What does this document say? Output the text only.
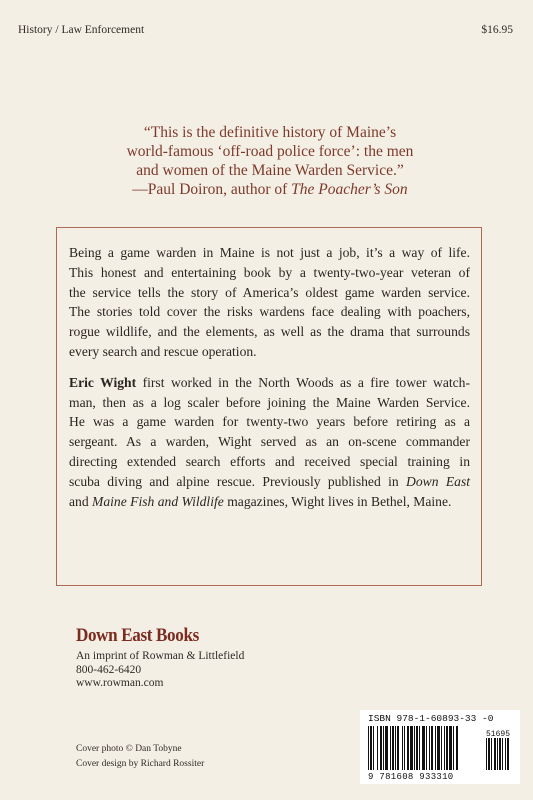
History / Law Enforcement	$16.95
“This is the definitive history of Maine’s
world-famous ‘off-road police force’: the men
and women of the Maine Warden Service.”
—Paul Doiron, author of The Poacher’s Son

Being a game warden in Maine is not just a job, it’s a way of life.
This honest and entertaining book by a twenty-two-year veteran of
the service tells the story of America’s oldest game warden service.
The stories told cover the risks wardens face dealing with poachers,
rogue wildlife, and the elements, as well as the drama that surrounds
every search and rescue operation.

Eric Wight first worked in the North Woods as a fire tower watch-
man, then as a log scaler before joining the Maine Warden Service.
He was a game warden for twenty-two years before retiring as a
sergeant. As a warden, Wight served as an on-scene commander
directing extended search efforts and received special training in
scuba diving and alpine rescue. Previously published in Down East
and Maine Fish and Wildlife magazines, Wight lives in Bethel, Maine.

Down East Books
An imprint of Rowman & Littlefield
800-462-6420
www.rowman.com
Cover photo © Dan Tobyne
Cover design by Richard Rossiter
ISBN 978-1-60893-33 -0
51695
9 781608 933310
